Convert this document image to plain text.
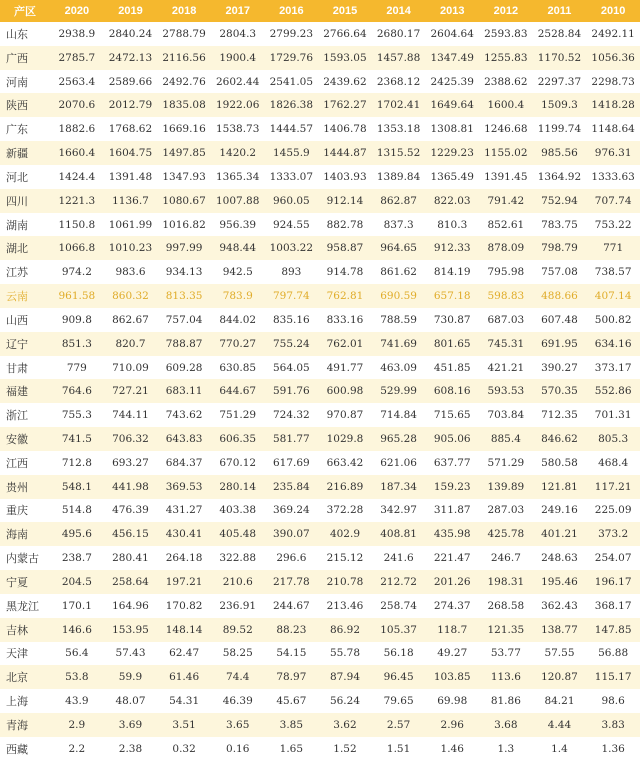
产区	2020	2019	2018	2017	2016	2015	2014	2013	2012	2011	2010
山东	2938.9	2840.24	2788.79	2804.3	2799.23	2766.64	2680.17	2604.64	2593.83	2528.84	2492.11
广西	2785.7	2472.13	2116.56	1900.4	1729.76	1593.05	1457.88	1347.49	1255.83	1170.52	1056.36
河南	2563.4	2589.66	2492.76	2602.44	2541.05	2439.62	2368.12	2425.39	2388.62	2297.37	2298.73
陕西	2070.6	2012.79	1835.08	1922.06	1826.38	1762.27	1702.41	1649.64	1600.4	1509.3	1418.28
广东	1882.6	1768.62	1669.16	1538.73	1444.57	1406.78	1353.18	1308.81	1246.68	1199.74	1148.64
新疆	1660.4	1604.75	1497.85	1420.2	1455.9	1444.87	1315.52	1229.23	1155.02	985.56	976.31
河北	1424.4	1391.48	1347.93	1365.34	1333.07	1403.93	1389.84	1365.49	1391.45	1364.92	1333.63
四川	1221.3	1136.7	1080.67	1007.88	960.05	912.14	862.87	822.03	791.42	752.94	707.74
湖南	1150.8	1061.99	1016.82	956.39	924.55	882.78	837.3	810.3	852.61	783.75	753.22
湖北	1066.8	1010.23	997.99	948.44	1003.22	958.87	964.65	912.33	878.09	798.79	771
江苏	974.2	983.6	934.13	942.5	893	914.78	861.62	814.19	795.98	757.08	738.57
云南	961.58	860.32	813.35	783.9	797.74	762.81	690.59	657.18	598.83	488.66	407.14
山西	909.8	862.67	757.04	844.02	835.16	833.16	788.59	730.87	687.03	607.48	500.82
辽宁	851.3	820.7	788.87	770.27	755.24	762.01	741.69	801.65	745.31	691.95	634.16
甘肃	779	710.09	609.28	630.85	564.05	491.77	463.09	451.85	421.21	390.27	373.17
福建	764.6	727.21	683.11	644.67	591.76	600.98	529.99	608.16	593.53	570.35	552.86
浙江	755.3	744.11	743.62	751.29	724.32	970.87	714.84	715.65	703.84	712.35	701.31
安徽	741.5	706.32	643.83	606.35	581.77	1029.8	965.28	905.06	885.4	846.62	805.3
江西	712.8	693.27	684.37	670.12	617.69	663.42	621.06	637.77	571.29	580.58	468.4
贵州	548.1	441.98	369.53	280.14	235.84	216.89	187.34	159.23	139.89	121.81	117.21
重庆	514.8	476.39	431.27	403.38	369.24	372.28	342.97	311.87	287.03	249.16	225.09
海南	495.6	456.15	430.41	405.48	390.07	402.9	408.81	435.98	425.78	401.21	373.2
内蒙古	238.7	280.41	264.18	322.88	296.6	215.12	241.6	221.47	246.7	248.63	254.07
宁夏	204.5	258.64	197.21	210.6	217.78	210.78	212.72	201.26	198.31	195.46	196.17
黑龙江	170.1	164.96	170.82	236.91	244.67	213.46	258.74	274.37	268.58	362.43	368.17
吉林	146.6	153.95	148.14	89.52	88.23	86.92	105.37	118.7	121.35	138.77	147.85
天津	56.4	57.43	62.47	58.25	54.15	55.78	56.18	49.27	53.77	57.55	56.88
北京	53.8	59.9	61.46	74.4	78.97	87.94	96.45	103.85	113.6	120.87	115.17
上海	43.9	48.07	54.31	46.39	45.67	56.24	79.65	69.98	81.86	84.21	98.6
青海	2.9	3.69	3.51	3.65	3.85	3.62	2.57	2.96	3.68	4.44	3.83
西藏	2.2	2.38	0.32	0.16	1.65	1.52	1.51	1.46	1.3	1.4	1.36
